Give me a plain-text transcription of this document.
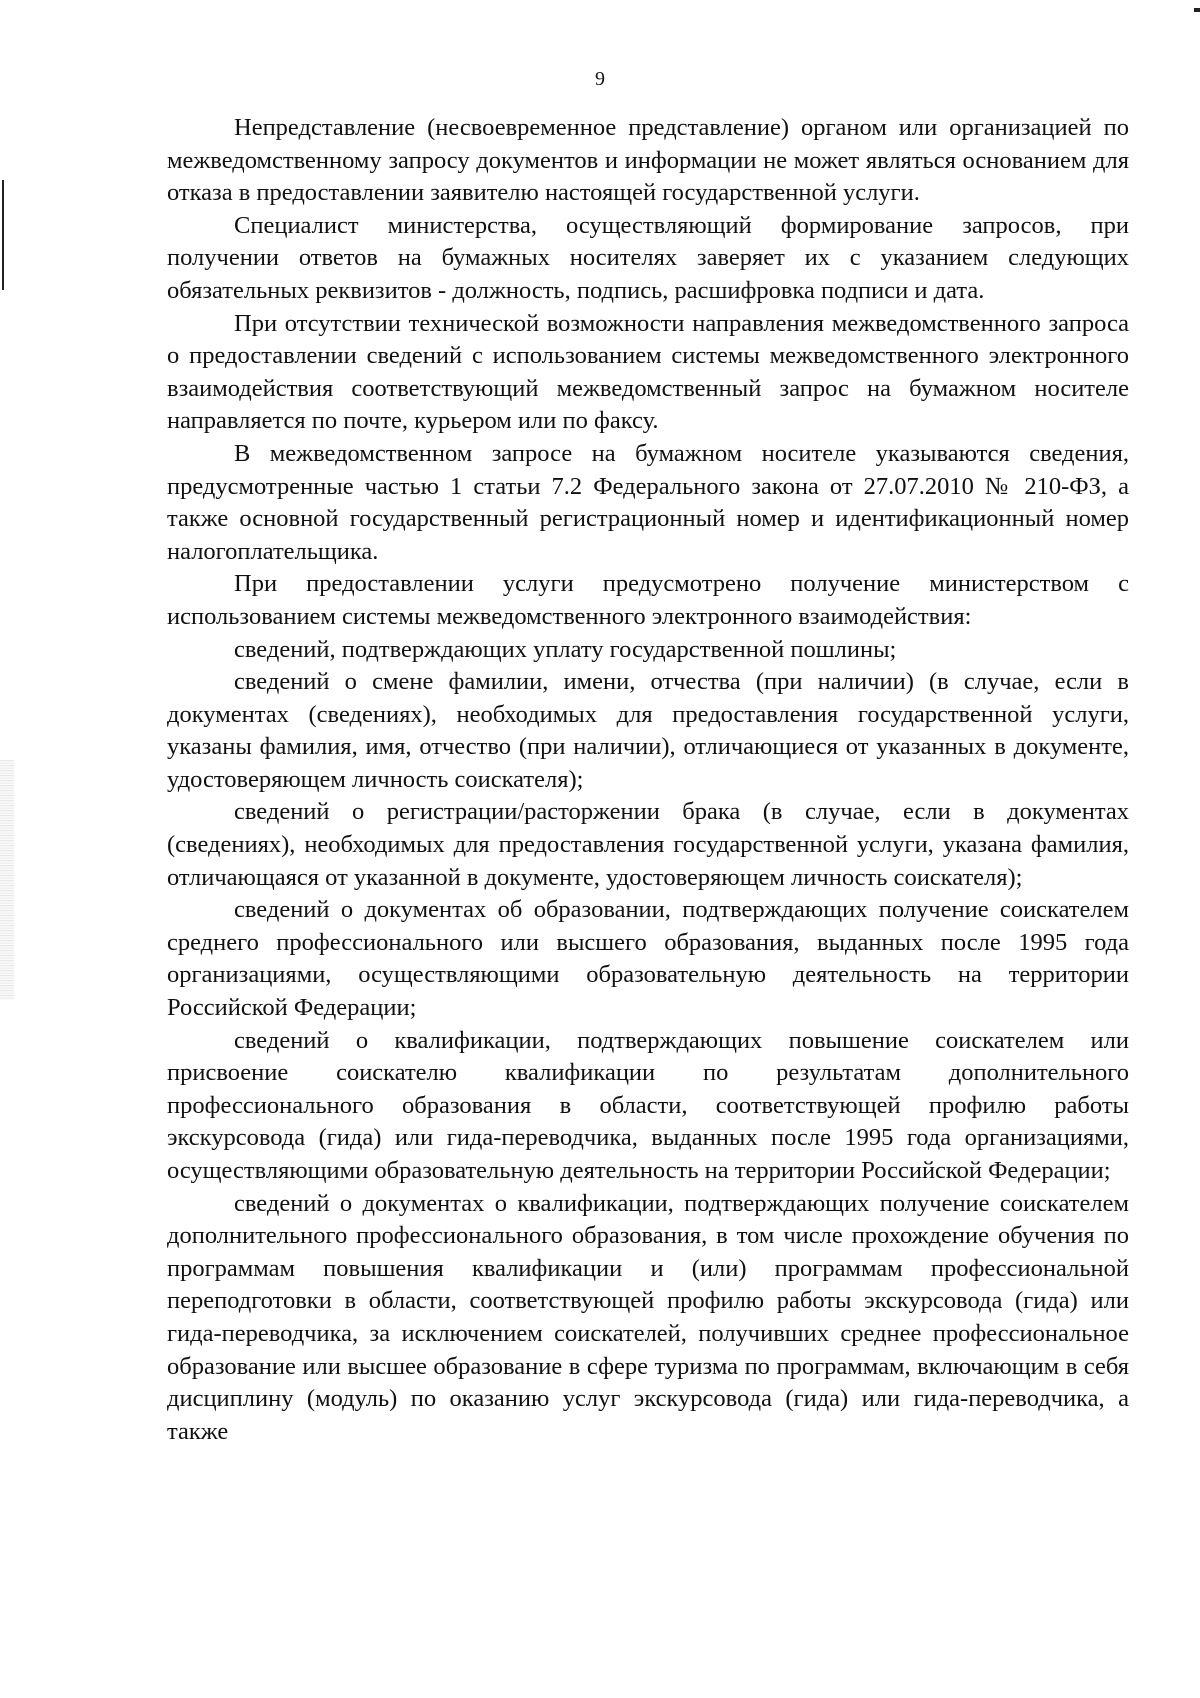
9

Непредставление (несвоевременное представление) органом или организацией по межведомственному запросу документов и информации не может являться основанием для отказа в предоставлении заявителю настоящей государственной услуги.

Специалист министерства, осуществляющий формирование запросов, при получении ответов на бумажных носителях заверяет их с указанием следующих обязательных реквизитов - должность, подпись, расшифровка подписи и дата.

При отсутствии технической возможности направления межведомственного запроса о предоставлении сведений с использованием системы межведомственного электронного взаимодействия соответствующий межведомственный запрос на бумажном носителе направляется по почте, курьером или по факсу.

В межведомственном запросе на бумажном носителе указываются сведения, предусмотренные частью 1 статьи 7.2 Федерального закона от 27.07.2010 № 210-ФЗ, а также основной государственный регистрационный номер и идентификационный номер налогоплательщика.

При предоставлении услуги предусмотрено получение министерством с использованием системы межведомственного электронного взаимодействия:

сведений, подтверждающих уплату государственной пошлины;

сведений о смене фамилии, имени, отчества (при наличии) (в случае, если в документах (сведениях), необходимых для предоставления государственной услуги, указаны фамилия, имя, отчество (при наличии), отличающиеся от указанных в документе, удостоверяющем личность соискателя);

сведений о регистрации/расторжении брака (в случае, если в документах (сведениях), необходимых для предоставления государственной услуги, указана фамилия, отличающаяся от указанной в документе, удостоверяющем личность соискателя);

сведений о документах об образовании, подтверждающих получение соискателем среднего профессионального или высшего образования, выданных после 1995 года организациями, осуществляющими образовательную деятельность на территории Российской Федерации;

сведений о квалификации, подтверждающих повышение соискателем или присвоение соискателю квалификации по результатам дополнительного профессионального образования в области, соответствующей профилю работы экскурсовода (гида) или гида-переводчика, выданных после 1995 года организациями, осуществляющими образовательную деятельность на территории Российской Федерации;

сведений о документах о квалификации, подтверждающих получение соискателем дополнительного профессионального образования, в том числе прохождение обучения по программам повышения квалификации и (или) программам профессиональной переподготовки в области, соответствующей профилю работы экскурсовода (гида) или гида-переводчика, за исключением соискателей, получивших среднее профессиональное образование или высшее образование в сфере туризма по программам, включающим в себя дисциплину (модуль) по оказанию услуг экскурсовода (гида) или гида-переводчика, а также
